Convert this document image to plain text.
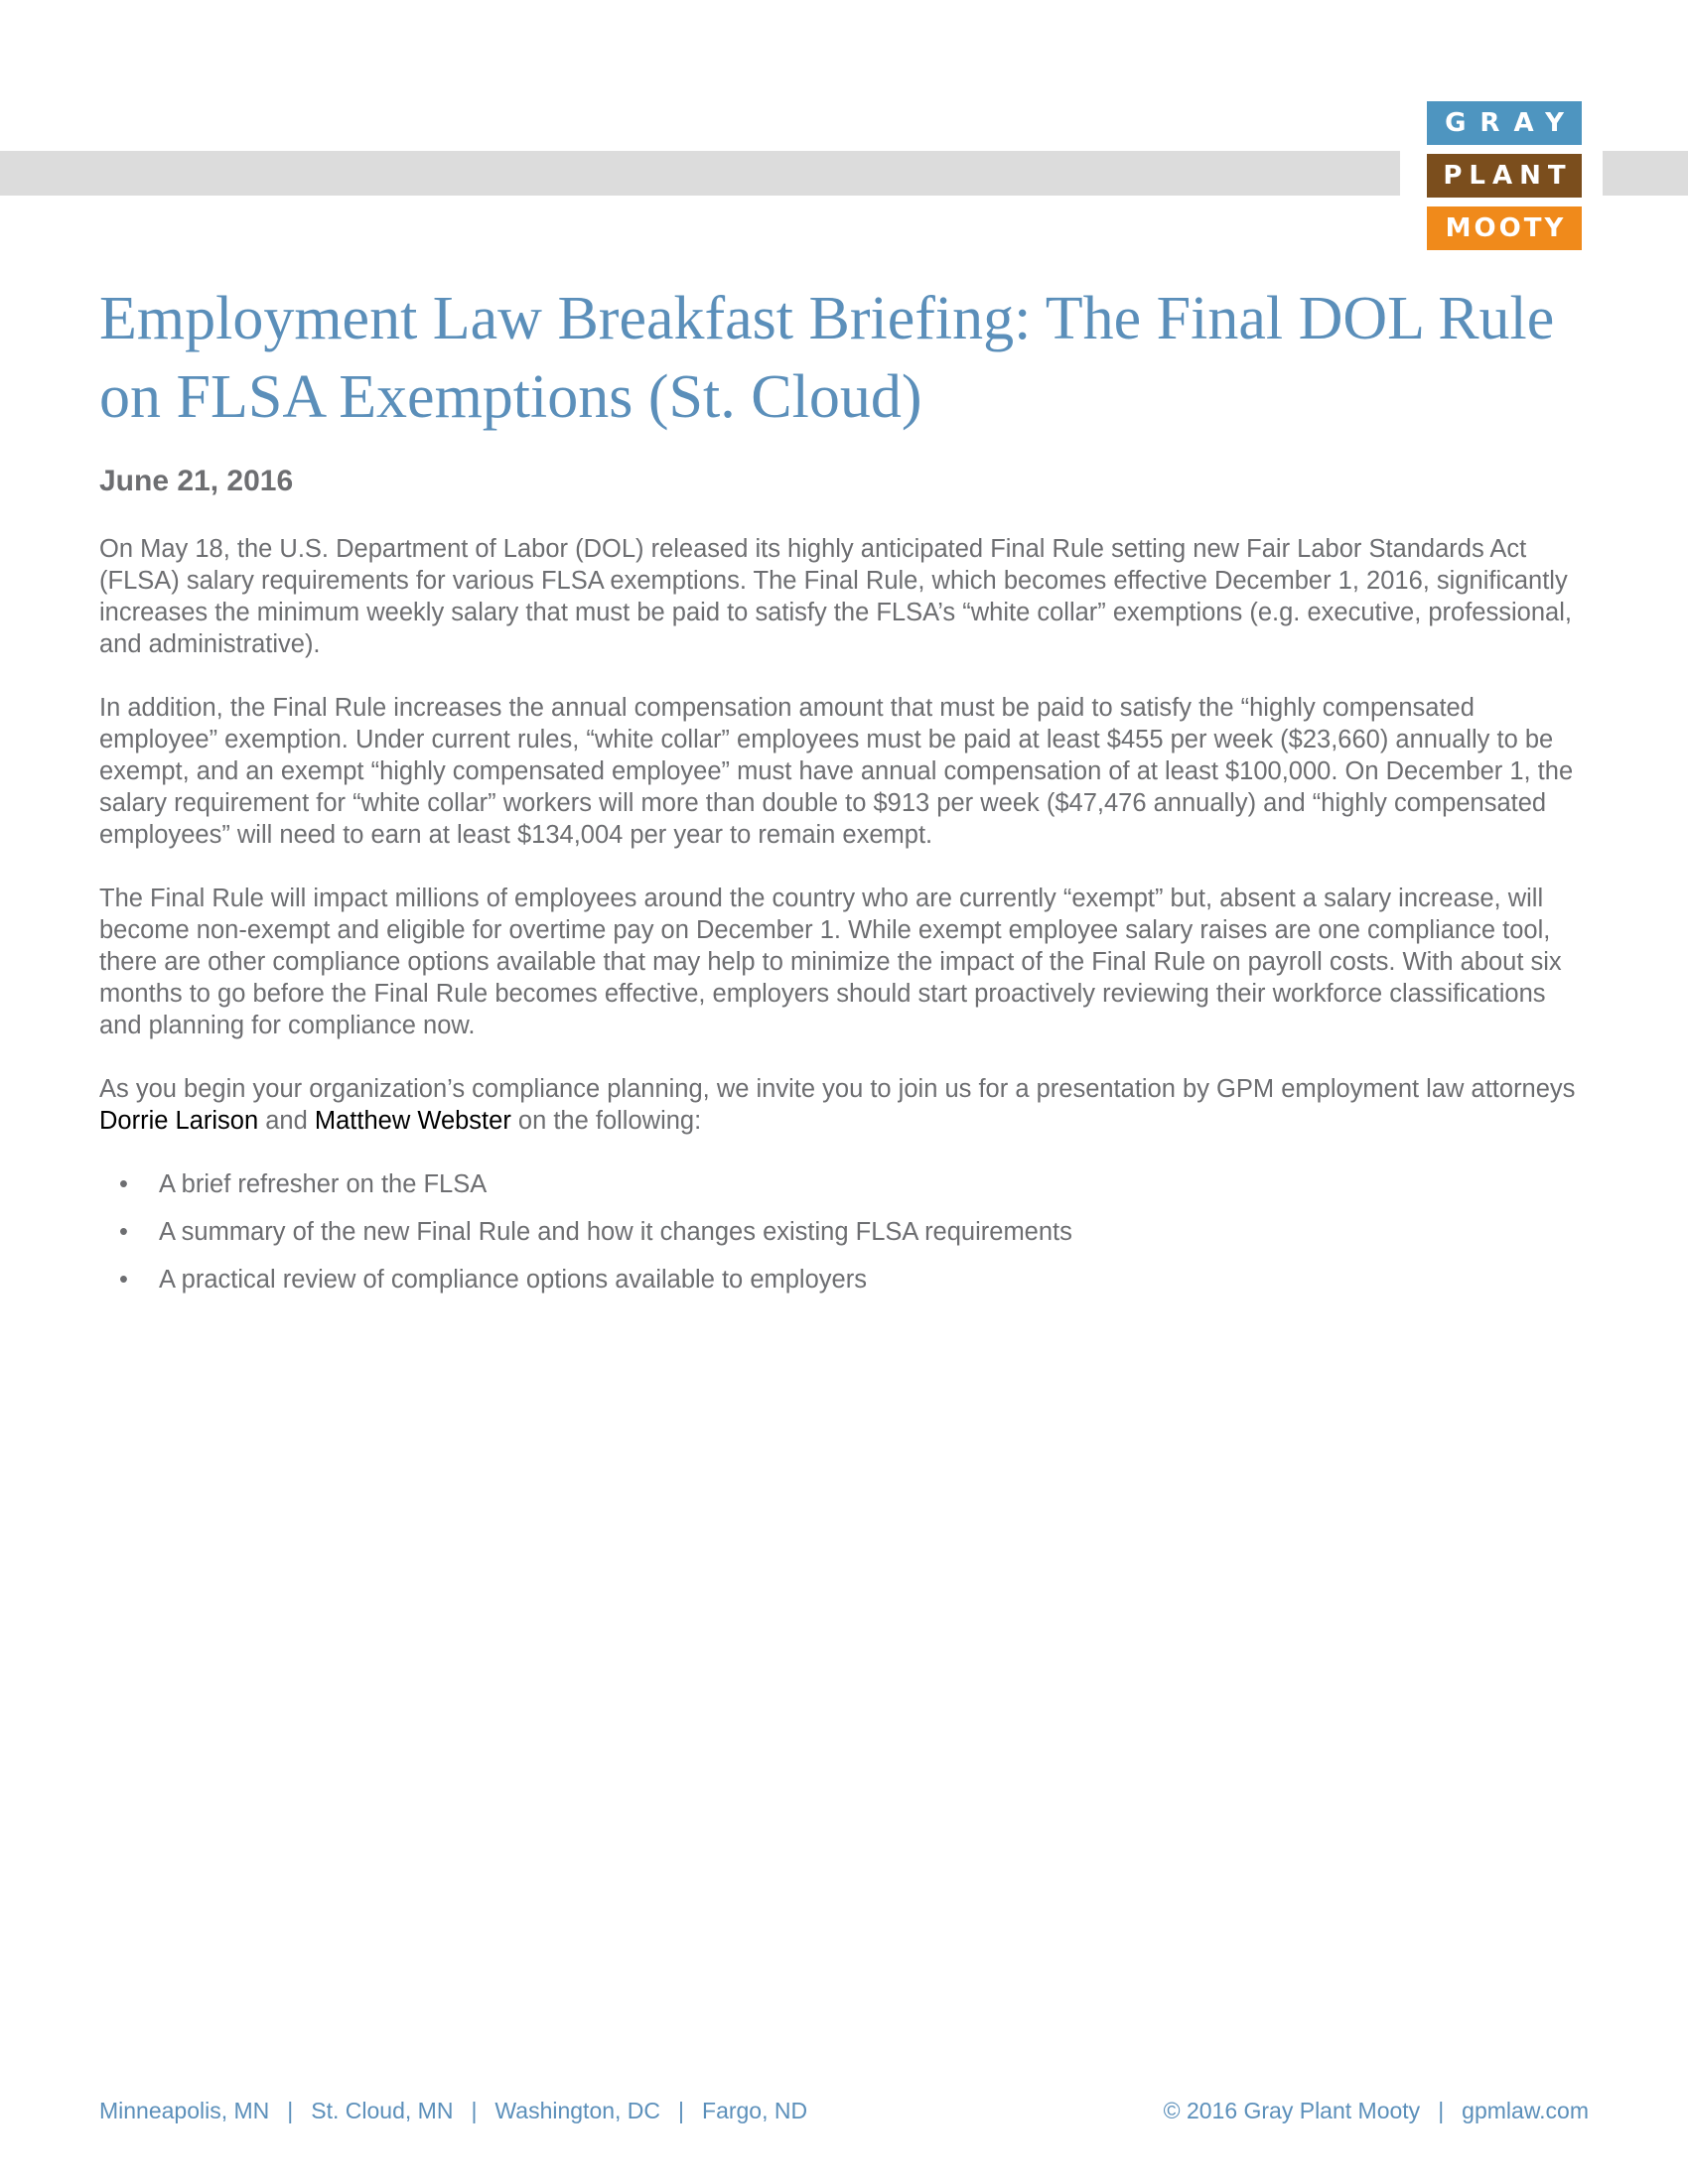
GRAY
PLANT
MOOTY
Employment Law Breakfast Briefing: The Final DOL Rule on FLSA Exemptions (St. Cloud)
June 21, 2016

On May 18, the U.S. Department of Labor (DOL) released its highly anticipated Final Rule setting new Fair Labor Standards Act (FLSA) salary requirements for various FLSA exemptions. The Final Rule, which becomes effective December 1, 2016, significantly increases the minimum weekly salary that must be paid to satisfy the FLSA’s “white collar” exemptions (e.g. executive, professional, and administrative).

In addition, the Final Rule increases the annual compensation amount that must be paid to satisfy the “highly compensated employee” exemption. Under current rules, “white collar” employees must be paid at least $455 per week ($23,660) annually to be exempt, and an exempt “highly compensated employee” must have annual compensation of at least $100,000. On December 1, the salary requirement for “white collar” workers will more than double to $913 per week ($47,476 annually) and “highly compensated employees” will need to earn at least $134,004 per year to remain exempt.

The Final Rule will impact millions of employees around the country who are currently “exempt” but, absent a salary increase, will become non-exempt and eligible for overtime pay on December 1. While exempt employee salary raises are one compliance tool, there are other compliance options available that may help to minimize the impact of the Final Rule on payroll costs. With about six months to go before the Final Rule becomes effective, employers should start proactively reviewing their workforce classifications and planning for compliance now.

As you begin your organization’s compliance planning, we invite you to join us for a presentation by GPM employment law attorneys Dorrie Larison and Matthew Webster on the following:

• A brief refresher on the FLSA
• A summary of the new Final Rule and how it changes existing FLSA requirements
• A practical review of compliance options available to employers
Minneapolis, MN | St. Cloud, MN | Washington, DC | Fargo, ND	© 2016 Gray Plant Mooty | gpmlaw.com
